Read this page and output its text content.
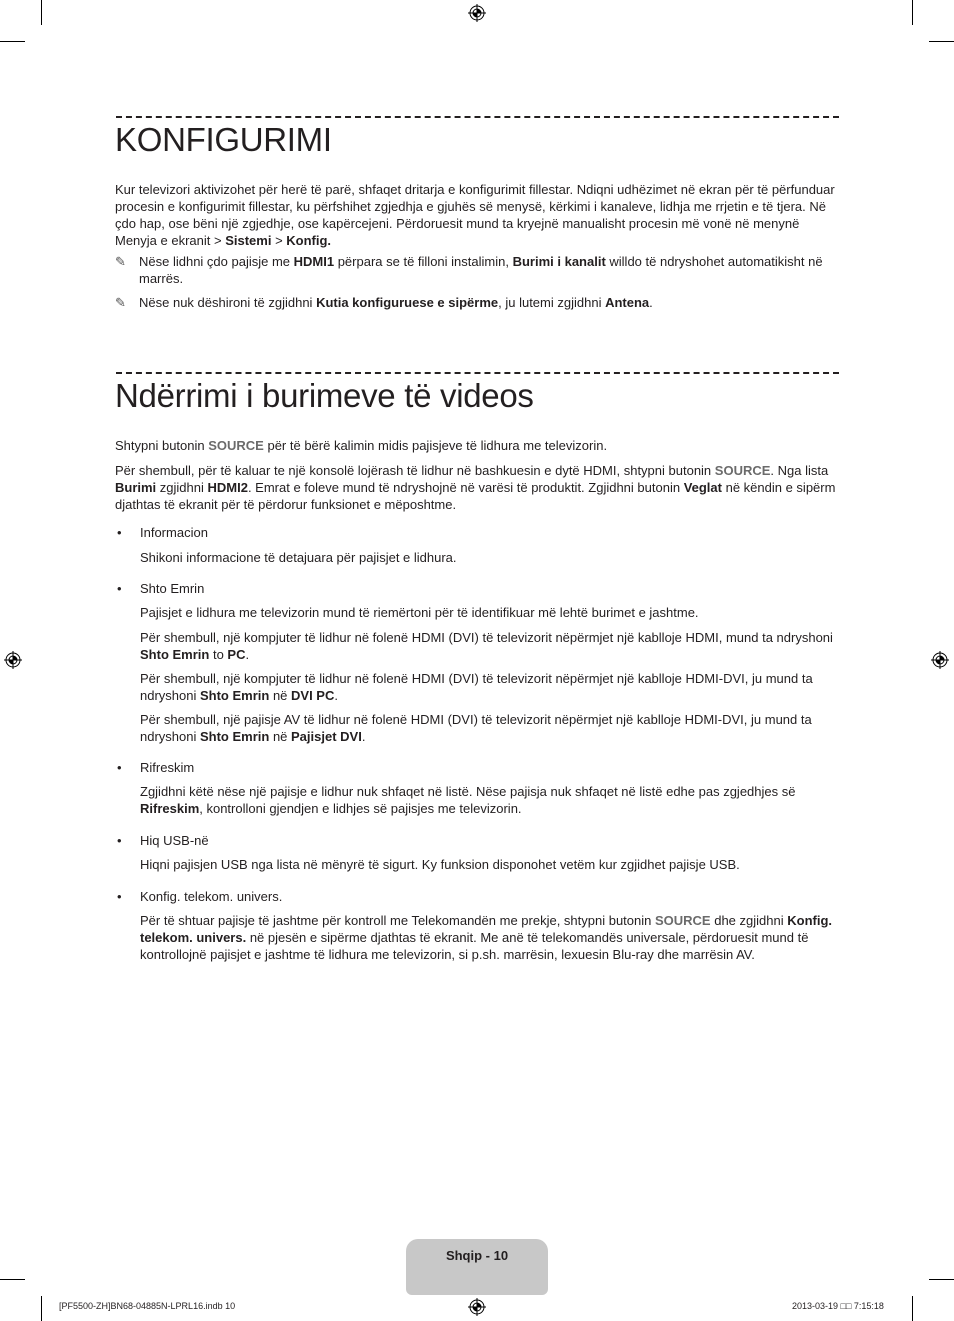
KONFIGURIMI

Kur televizori aktivizohet për herë të parë, shfaqet dritarja e konfigurimit fillestar. Ndiqni udhëzimet në ekran për të përfunduar procesin e konfigurimit fillestar, ku përfshihet zgjedhja e gjuhës së menysë, kërkimi i kanaleve, lidhja me rrjetin e të tjera. Në çdo hap, ose bëni një zgjedhje, ose kapërcejeni. Përdoruesit mund ta kryejnë manualisht procesin më vonë në menynë Menyja e ekranit > Sistemi > Konfig.

✎ Nëse lidhni çdo pajisje me HDMI1 përpara se të filloni instalimin, Burimi i kanalit willdo të ndryshohet automatikisht në marrës.

✎ Nëse nuk dëshironi të zgjidhni Kutia konfiguruese e sipërme, ju lutemi zgjidhni Antena.

Ndërrimi i burimeve të videos

Shtypni butonin SOURCE për të bërë kalimin midis pajisjeve të lidhura me televizorin.

Për shembull, për të kaluar te një konsolë lojërash të lidhur në bashkuesin e dytë HDMI, shtypni butonin SOURCE. Nga lista Burimi zgjidhni HDMI2. Emrat e foleve mund të ndryshojnë në varësi të produktit. Zgjidhni butonin Veglat në këndin e sipërm djathtas të ekranit për të përdorur funksionet e mëposhtme.

• Informacion

Shikoni informacione të detajuara për pajisjet e lidhura.

• Shto Emrin

Pajisjet e lidhura me televizorin mund të riemërtoni për të identifikuar më lehtë burimet e jashtme.

Për shembull, një kompjuter të lidhur në folenë HDMI (DVI) të televizorit nëpërmjet një kablloje HDMI, mund ta ndryshoni Shto Emrin to PC.

Për shembull, një kompjuter të lidhur në folenë HDMI (DVI) të televizorit nëpërmjet një kablloje HDMI-DVI, ju mund ta ndryshoni Shto Emrin në DVI PC.

Për shembull, një pajisje AV të lidhur në folenë HDMI (DVI) të televizorit nëpërmjet një kablloje HDMI-DVI, ju mund ta ndryshoni Shto Emrin në Pajisjet DVI.

• Rifreskim

Zgjidhni këtë nëse një pajisje e lidhur nuk shfaqet në listë. Nëse pajisja nuk shfaqet në listë edhe pas zgjedhjes së Rifreskim, kontrolloni gjendjen e lidhjes së pajisjes me televizorin.

• Hiq USB-në

Hiqni pajisjen USB nga lista në mënyrë të sigurt. Ky funksion disponohet vetëm kur zgjidhet pajisje USB.

• Konfig. telekom. univers.

Për të shtuar pajisje të jashtme për kontroll me Telekomandën me prekje, shtypni butonin SOURCE dhe zgjidhni Konfig. telekom. univers. në pjesën e sipërme djathtas të ekranit. Me anë të telekomandës universale, përdoruesit mund të kontrollojnë pajisjet e jashtme të lidhura me televizorin, si p.sh. marrësin, lexuesin Blu-ray dhe marrësin AV.

Shqip - 10
[PF5500-ZH]BN68-04885N-LPRL16.indb 10	2013-03-19 □□ 7:15:18
